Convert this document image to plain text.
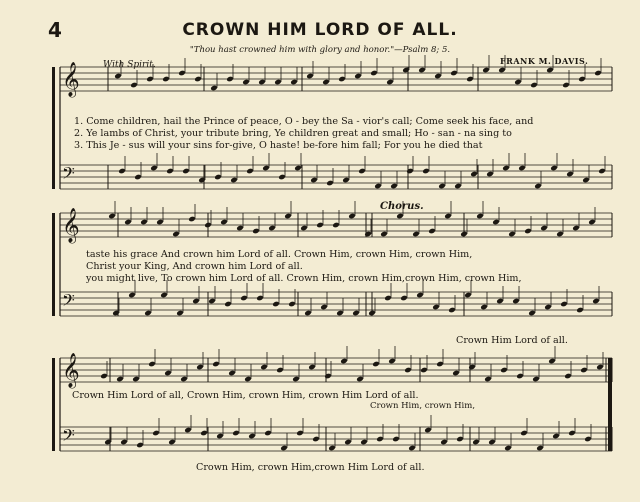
4	CROWN HIM LORD OF ALL.
"Thou hast crowned him with glory and honor."—Psalm 8; 5.
FRANK M. DAVIS.
With Spirit.
Chorus.
1. Come children, hail the Prince of peace, O - bey the Sa - vior's call; Come seek his face, and
2. Ye lambs of Christ, your tribute bring, Ye children great and small; Ho - san - na sing to
3. This Je - sus will your sins for-give, O haste! be-fore him fall; For you he died that
taste his grace And crown him Lord of all. Crown Him, crown Him, crown Him,
Christ your King, And crown him Lord of all.
you might live, To crown him Lord of all. Crown Him, crown Him,crown Him, crown Him,
Crown Him Lord of all.
Crown Him Lord of all, Crown Him, crown Him, crown Him Lord of all.
Crown Him, crown Him,
Crown Him, crown Him,crown Him Lord of all.
𝄞
𝄢
𝄞
𝄢
𝄞
𝄢
